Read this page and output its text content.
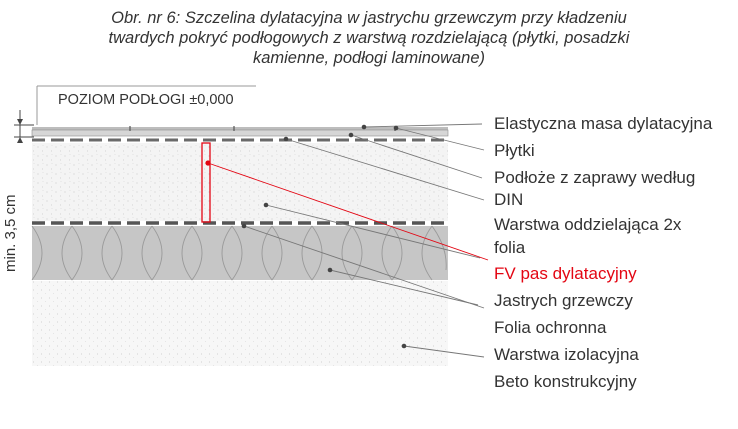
Obr. nr 6: Szczelina dylatacyjna w jastrychu grzewczym przy kładzeniu
twardych pokryć podłogowych z warstwą rozdzielającą (płytki, posadzki
kamienne, podłogi laminowane)
POZIOM PODŁOGI ±0,000
min. 3,5 cm
Elastyczna masa dylatacyjna
Płytki
Podłoże z zaprawy według
DIN
Warstwa oddzielająca 2x
folia
FV pas dylatacyjny
Jastrych grzewczy
Folia ochronna
Warstwa izolacyjna
Beto konstrukcyjny
